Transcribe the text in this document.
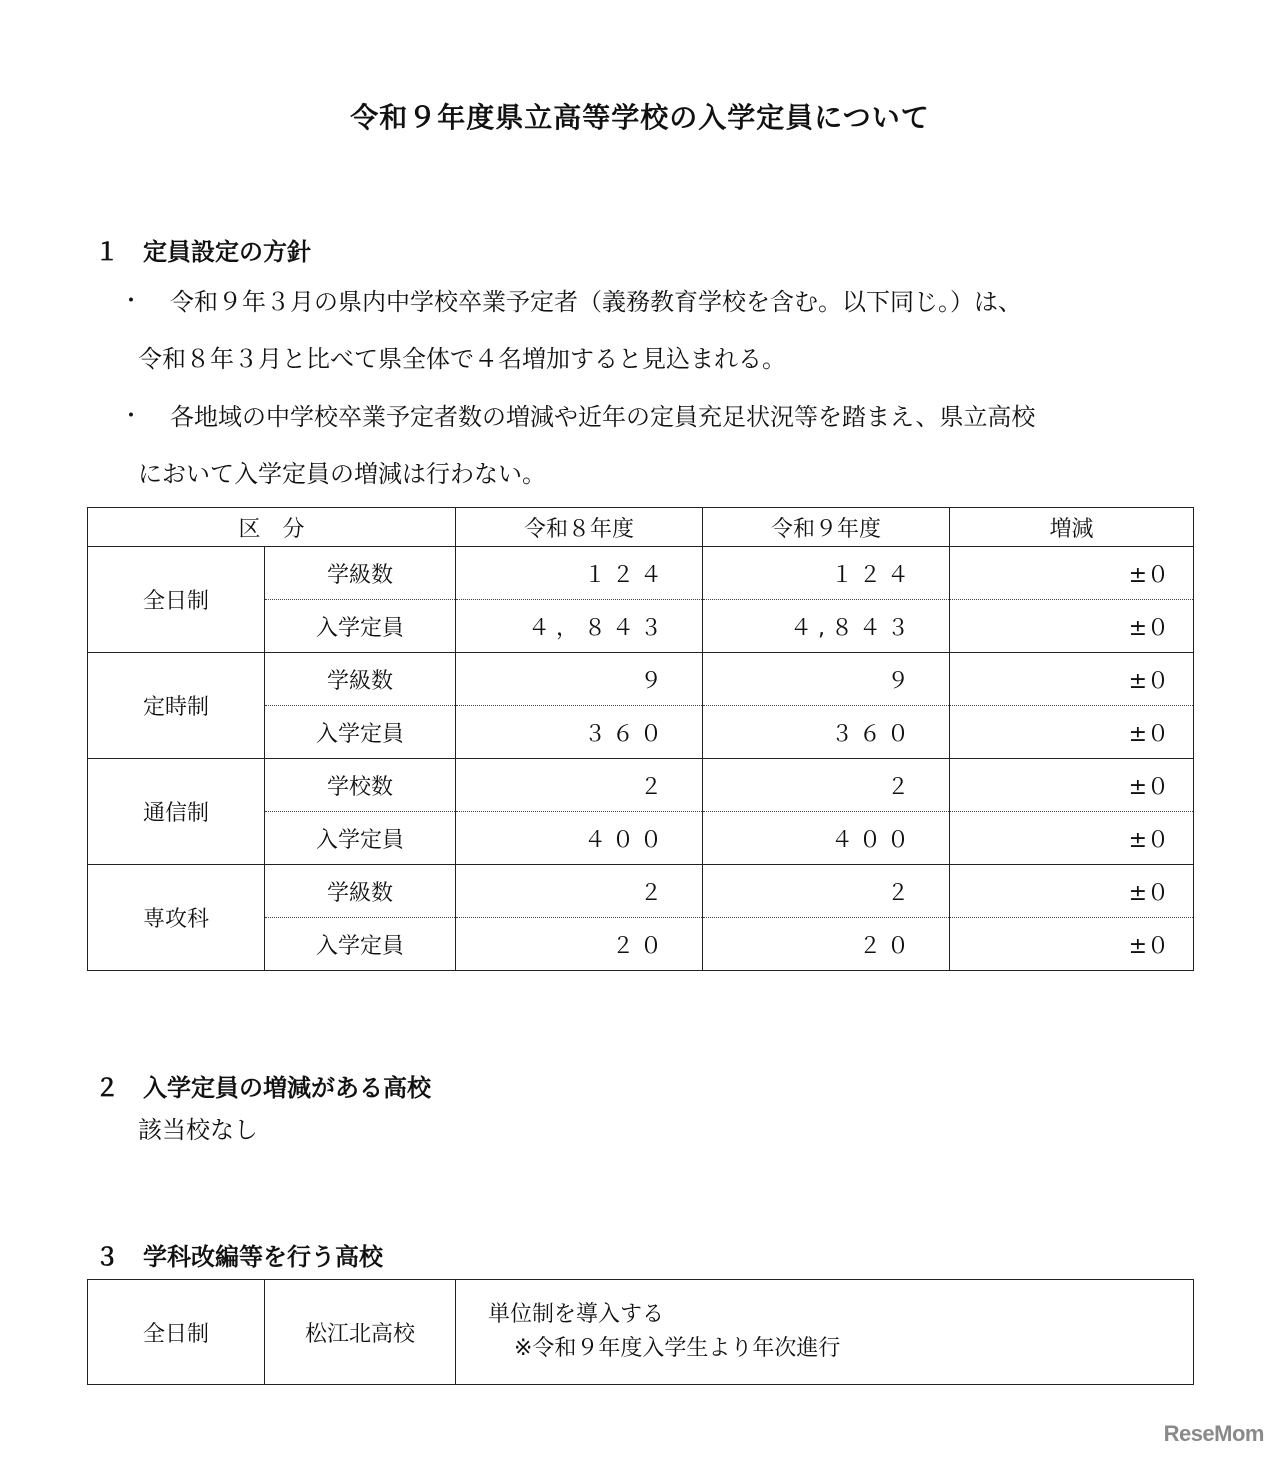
令和９年度県立高等学校の入学定員について
１ 定員設定の方針
・ 令和９年３月の県内中学校卒業予定者（義務教育学校を含む。以下同じ。）は、
令和８年３月と比べて県全体で４名増加すると見込まれる。
・ 各地域の中学校卒業予定者数の増減や近年の定員充足状況等を踏まえ、県立高校
において入学定員の増減は行わない。
区　分		令和８年度	令和９年度	増減
全日制	学級数	１２４	１２４	±０
	入学定員	４，８４３	４,８４３	±０
定時制	学級数	９	９	±０
	入学定員	３６０	３６０	±０
通信制	学校数	２	２	±０
	入学定員	４００	４００	±０
専攻科	学級数	２	２	±０
	入学定員	２０	２０	±０
２ 入学定員の増減がある高校
該当校なし
３ 学科改編等を行う高校
全日制	松江北高校	単位制を導入する
※令和９年度入学生より年次進行
ReseMom
